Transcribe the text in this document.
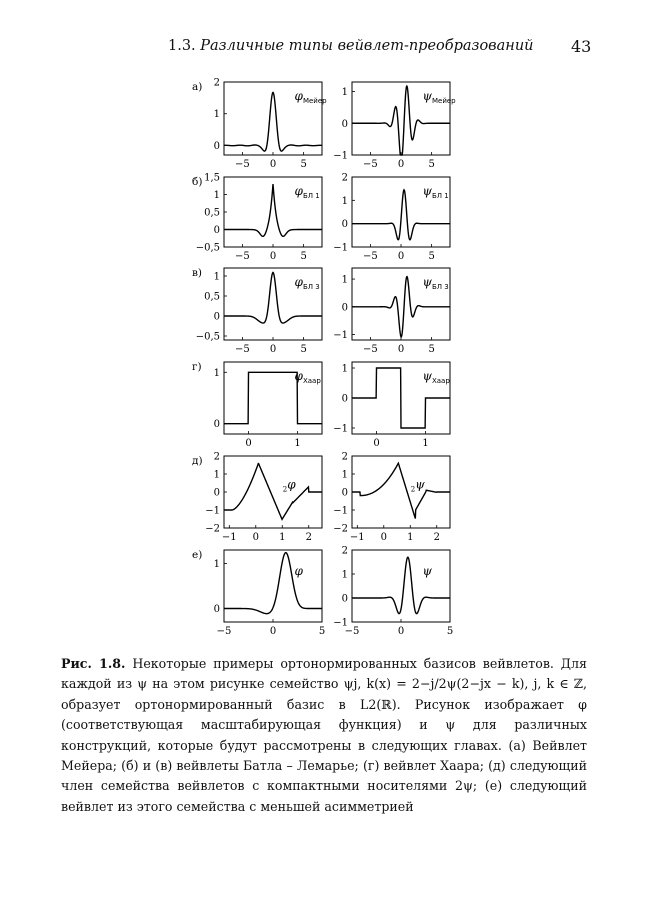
1.3. Различные типы вейвлет-преобразований 43
а)
0
1
2
−5 0 5
$\varphi_{Мейер}$
−1
0
1
−5 0 5
$\psi_{Мейер}$
б)
−0,5
0
0,5
1
1,5
−5 0 5
$\varphi_{БЛ 1}$
−1
0
1
2
−5 0 5
$\psi_{БЛ 1}$
в)
−0,5
0
0,5
1
−5 0 5
$\varphi_{БЛ 3}$
−1
0
1
−5 0 5
$\psi_{БЛ 3}$
г)
0
1
0	1
$\varphi_{Хаар}$
−1
0
1
0	1
$\psi_{Хаар}$
д)
−2
−1
0
1
2
−1 0 1 2
$_2$φ
−2
−1
0
1
2
−1 0 1 2
$_2$ψ
е)
0
1
−5	0	5
φ
−1
0
1
2
−5	0	5
ψ
Рис. 1.8. Некоторые примеры ортонормированных базисов вейвлетов. Для каждой из ψ на этом рисунке семейство ψj, k(x) = 2−j/2ψ(2−jx − k), j, k ∈ ℤ, образует ортонормированный базис в L2(ℝ). Рисунок изображает φ (соответствующая масштабирующая функция) и ψ для различных конструкций, которые будут рассмотрены в следующих главах. (а) Вейвлет Мейера; (б) и (в) вейвлеты Батла – Лемарье; (г) вейвлет Хаара; (д) следующий член семейства вейвлетов с компактными носителями 2ψ; (е) следующий вейвлет из этого семейства с меньшей асимметрией
